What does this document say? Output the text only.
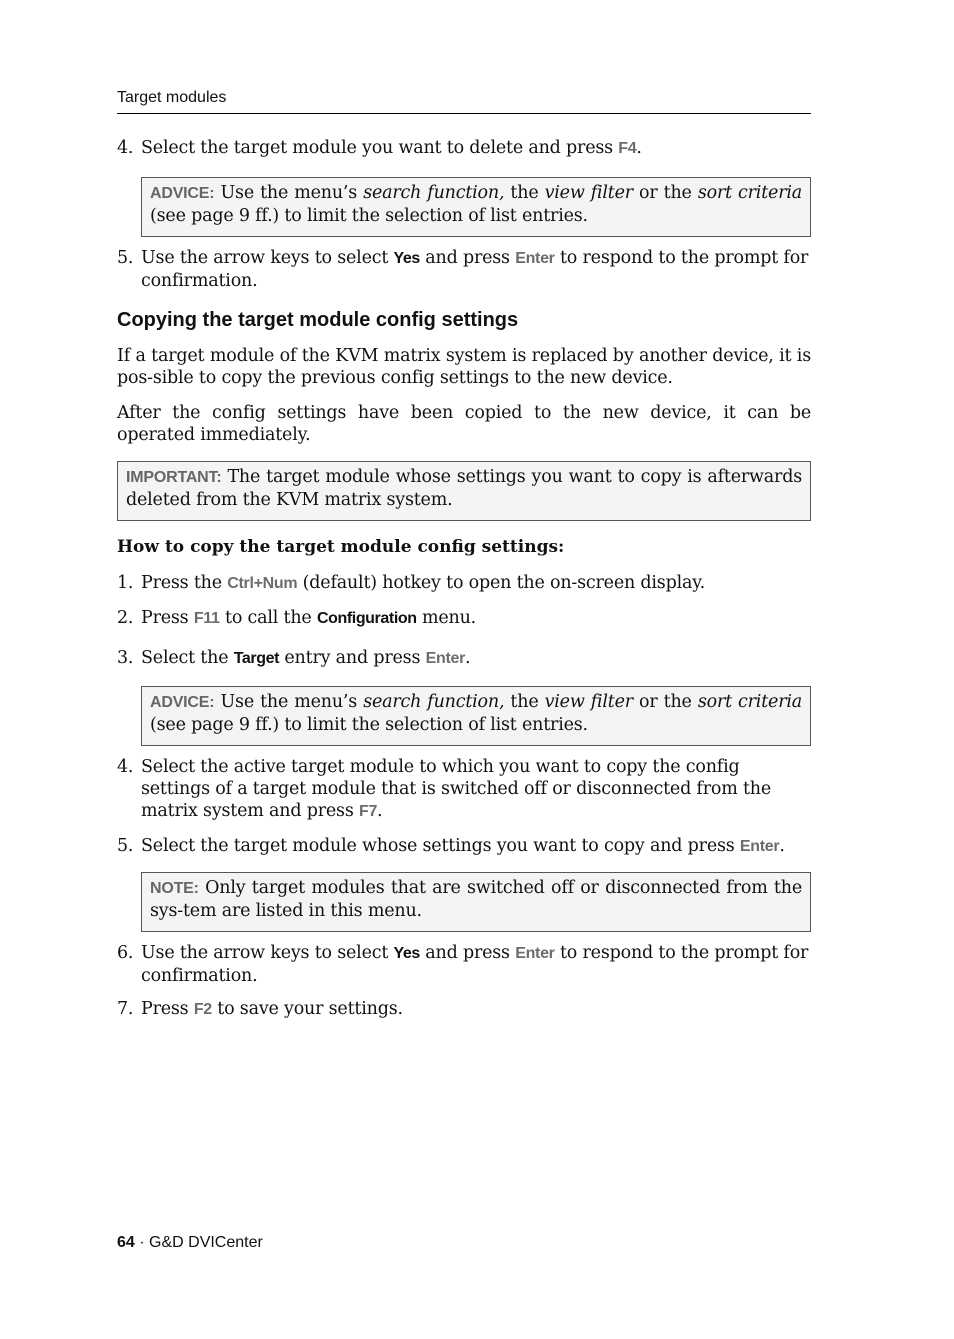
Target modules
4. Select the target module you want to delete and press F4.
ADVICE: Use the menu’s search function, the view filter or the sort criteria (see page 9 ff.) to limit the selection of list entries.
5. Use the arrow keys to select Yes and press Enter to respond to the prompt for confirmation.
Copying the target module config settings
If a target module of the KVM matrix system is replaced by another device, it is pos-sible to copy the previous config settings to the new device.
After the config settings have been copied to the new device, it can be operated immediately.
IMPORTANT: The target module whose settings you want to copy is afterwards deleted from the KVM matrix system.
How to copy the target module config settings:
1. Press the Ctrl+Num (default) hotkey to open the on-screen display.
2. Press F11 to call the Configuration menu.
3. Select the Target entry and press Enter.
ADVICE: Use the menu’s search function, the view filter or the sort criteria (see page 9 ff.) to limit the selection of list entries.
4. Select the active target module to which you want to copy the config settings of a target module that is switched off or disconnected from the matrix system and press F7.
5. Select the target module whose settings you want to copy and press Enter.
NOTE: Only target modules that are switched off or disconnected from the sys-tem are listed in this menu.
6. Use the arrow keys to select Yes and press Enter to respond to the prompt for confirmation.
7. Press F2 to save your settings.
64 · G&D DVICenter
